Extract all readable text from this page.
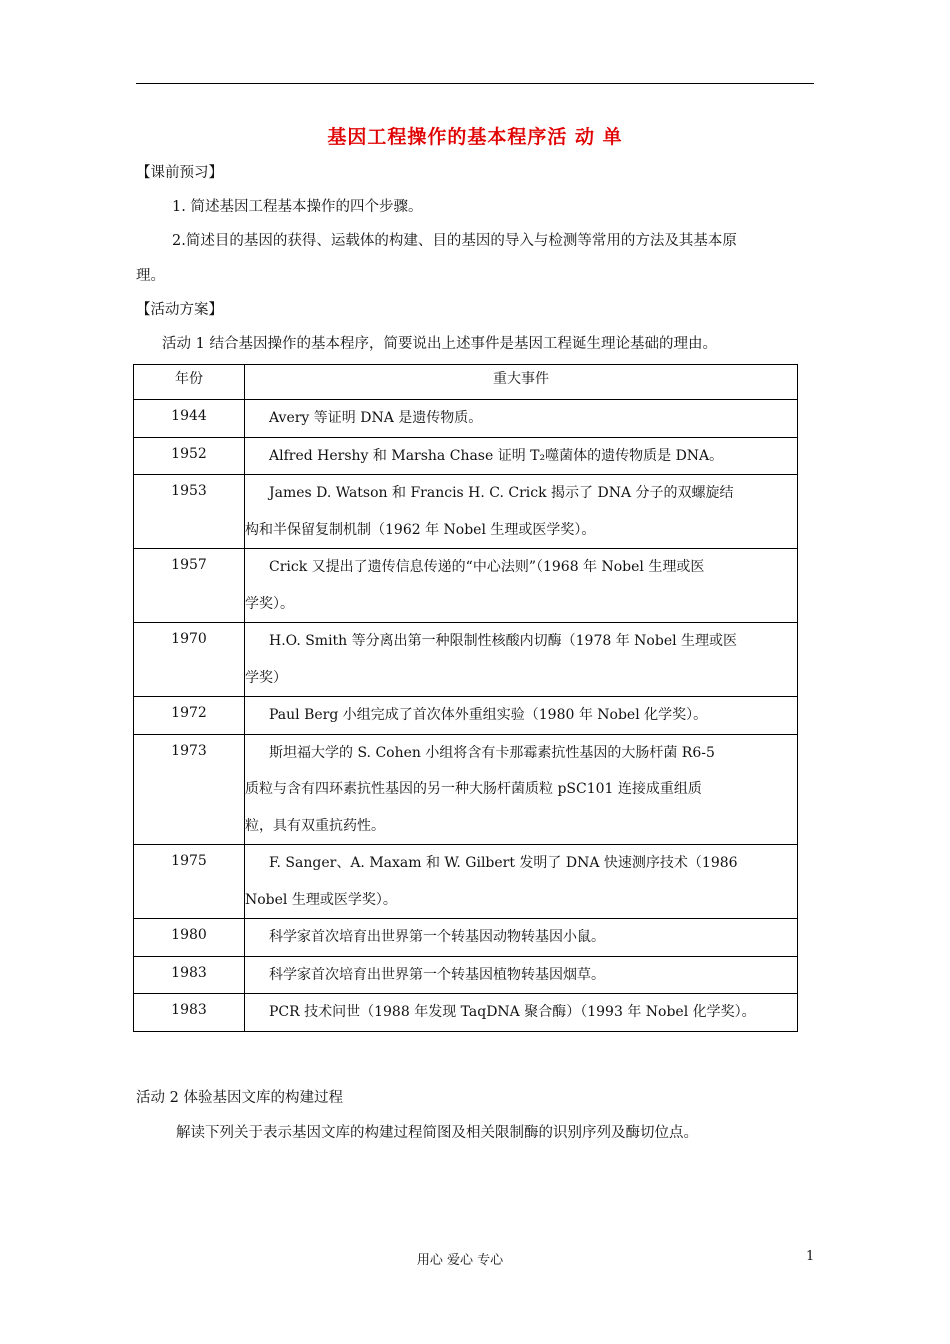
基因工程操作的基本程序活 动 单
【课前预习】
1. 简述基因工程基本操作的四个步骤。
2.简述目的基因的获得、运载体的构建、目的基因的导入与检测等常用的方法及其基本原
理。
【活动方案】
活动 1 结合基因操作的基本程序，简要说出上述事件是基因工程诞生理论基础的理由。
年份	重大事件
1944	Avery 等证明 DNA 是遗传物质。

1952	Alfred Hershy 和 Marsha Chase 证明 T₂噬菌体的遗传物质是 DNA。

1953	James D. Watson 和 Francis H. C. Crick 揭示了 DNA 分子的双螺旋结
构和半保留复制机制（1962 年 Nobel 生理或医学奖）。

1957	Crick 又提出了遗传信息传递的“中心法则”（1968 年 Nobel 生理或医
学奖）。

1970	H.O. Smith 等分离出第一种限制性核酸内切酶（1978 年 Nobel 生理或医
学奖）

1972	Paul Berg 小组完成了首次体外重组实验（1980 年 Nobel 化学奖）。

1973	斯坦福大学的 S. Cohen 小组将含有卡那霉素抗性基因的大肠杆菌 R6-5
质粒与含有四环素抗性基因的另一种大肠杆菌质粒 pSC101 连接成重组质
粒，具有双重抗药性。

1975	F. Sanger、A. Maxam 和 W. Gilbert 发明了 DNA 快速测序技术（1986
Nobel 生理或医学奖）。

1980	科学家首次培育出世界第一个转基因动物转基因小鼠。

1983	科学家首次培育出世界第一个转基因植物转基因烟草。

1983	PCR 技术问世（1988 年发现 TaqDNA 聚合酶）（1993 年 Nobel 化学奖）。
活动 2 体验基因文库的构建过程
解读下列关于表示基因文库的构建过程简图及相关限制酶的识别序列及酶切位点。
用心 爱心 专心	1
